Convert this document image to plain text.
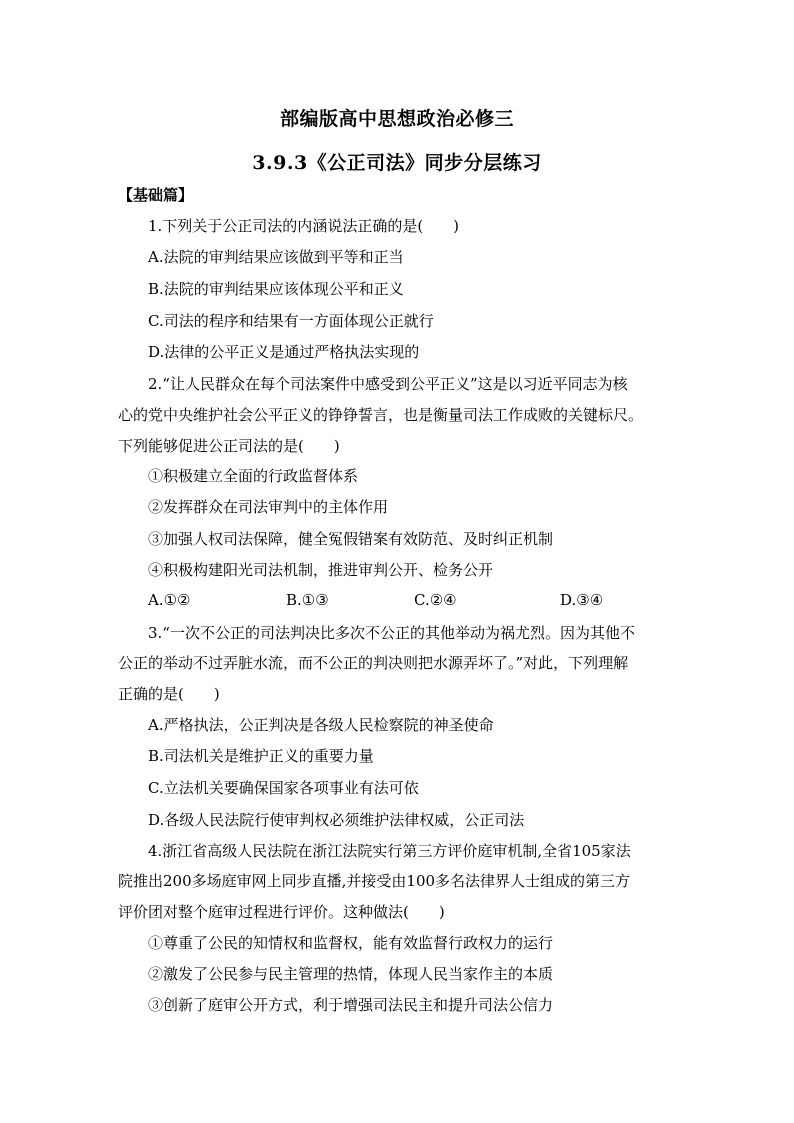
部编版高中思想政治必修三
3.9.3《公正司法》同步分层练习
【基础篇】
1.下列关于公正司法的内涵说法正确的是(　　)
A.法院的审判结果应该做到平等和正当
B.法院的审判结果应该体现公平和正义
C.司法的程序和结果有一方面体现公正就行
D.法律的公平正义是通过严格执法实现的
2.“让人民群众在每个司法案件中感受到公平正义”这是以习近平同志为核
心的党中央维护社会公平正义的铮铮誓言，也是衡量司法工作成败的关键标尺。
下列能够促进公正司法的是(　　)
①积极建立全面的行政监督体系
②发挥群众在司法审判中的主体作用
③加强人权司法保障，健全冤假错案有效防范、及时纠正机制
④积极构建阳光司法机制，推进审判公开、检务公开
A.①②	B.①③	C.②④	D.③④
3.“一次不公正的司法判决比多次不公正的其他举动为祸尤烈。因为其他不
公正的举动不过弄脏水流，而不公正的判决则把水源弄坏了。”对此，下列理解
正确的是(　　)
A.严格执法，公正判决是各级人民检察院的神圣使命
B.司法机关是维护正义的重要力量
C.立法机关要确保国家各项事业有法可依
D.各级人民法院行使审判权必须维护法律权威，公正司法
4.浙江省高级人民法院在浙江法院实行第三方评价庭审机制,全省105家法
院推出200多场庭审网上同步直播,并接受由100多名法律界人士组成的第三方
评价团对整个庭审过程进行评价。这种做法(　　)
①尊重了公民的知情权和监督权，能有效监督行政权力的运行
②激发了公民参与民主管理的热情，体现人民当家作主的本质
③创新了庭审公开方式，利于增强司法民主和提升司法公信力
